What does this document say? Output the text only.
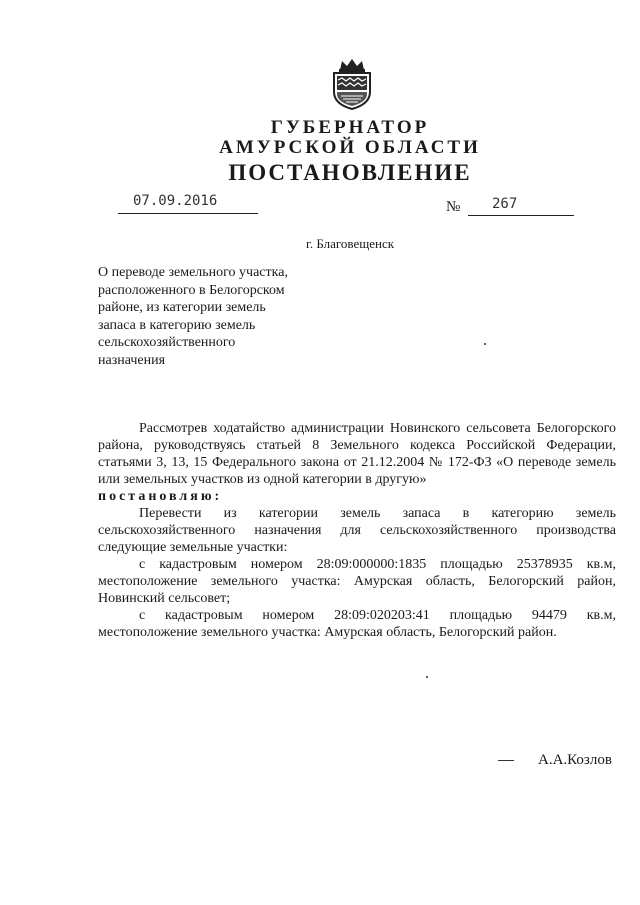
ГУБЕРНАТОР
АМУРСКОЙ ОБЛАСТИ
ПОСТАНОВЛЕНИЕ
07.09.2016	№ 267
г. Благовещенск
О переводе земельного участка,
расположенного в Белогорском
районе, из категории земель
запаса в категорию земель
сельскохозяйственного
назначения

Рассмотрев ходатайство администрации Новинского сельсовета Белогорского района, руководствуясь статьей 8 Земельного кодекса Российской Федерации, статьями 3, 13, 15 Федерального закона от 21.12.2004 № 172-ФЗ «О переводе земель или земельных участков из одной категории в другую»

постановляю:

Перевести из категории земель запаса в категорию земель сельскохозяйственного назначения для сельскохозяйственного производства следующие земельные участки:

с кадастровым номером 28:09:000000:1835 площадью 25378935 кв.м, местоположение земельного участка: Амурская область, Белогорский район, Новинский сельсовет;

с кадастровым номером 28:09:020203:41 площадью 94479 кв.м, местоположение земельного участка: Амурская область, Белогорский район.

А.А.Козлов
